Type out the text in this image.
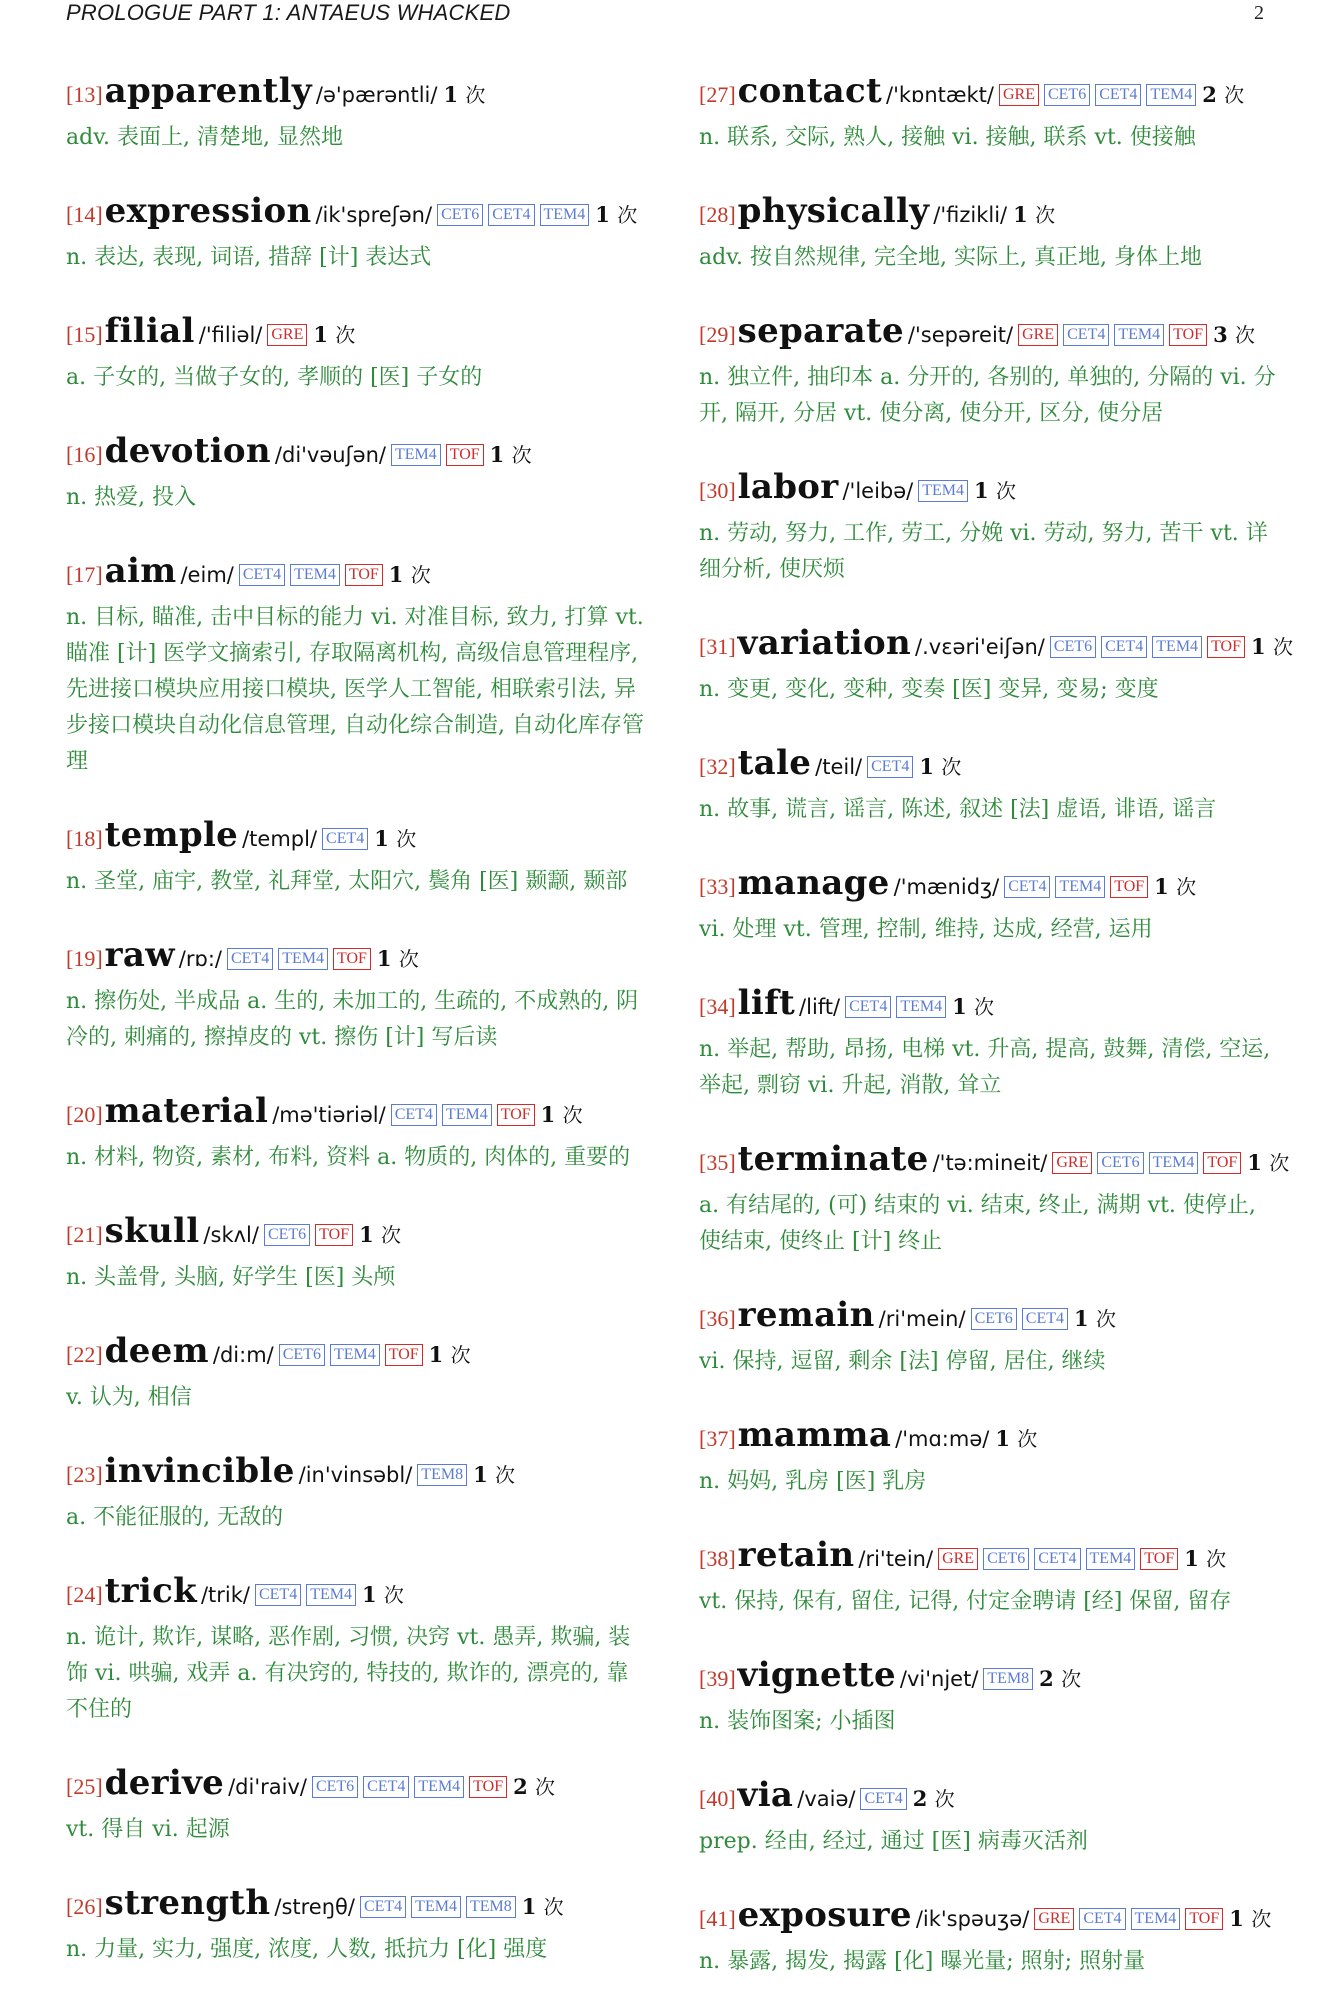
PROLOGUE PART 1: ANTAEUS WHACKED	2
[13]apparently /ə'pærəntli/ 1 次
adv. 表面上, 清楚地, 显然地
[14]expression /ik'spreʃən/ CET6 CET4 TEM4 1 次
n. 表达, 表现, 词语, 措辞 [计] 表达式
[15]filial /'filiəl/ GRE 1 次
a. 子女的, 当做子女的, 孝顺的 [医] 子女的
[16]devotion /di'vəuʃən/ TEM4 TOF 1 次
n. 热爱, 投入
[17]aim /eim/ CET4 TEM4 TOF 1 次
n. 目标, 瞄准, 击中目标的能力 vi. 对准目标, 致力, 打算 vt. 瞄准 [计] 医学文摘索引, 存取隔离机构, 高级信息管理程序, 先进接口模块应用接口模块, 医学人工智能, 相联索引法, 异步接口模块自动化信息管理, 自动化综合制造, 自动化库存管理
[18]temple /templ/ CET4 1 次
n. 圣堂, 庙宇, 教堂, 礼拜堂, 太阳穴, 鬓角 [医] 颞颥, 颞部
[19]raw /rɒ:/ CET4 TEM4 TOF 1 次
n. 擦伤处, 半成品 a. 生的, 未加工的, 生疏的, 不成熟的, 阴冷的, 刺痛的, 擦掉皮的 vt. 擦伤 [计] 写后读
[20]material /mə'tiəriəl/ CET4 TEM4 TOF 1 次
n. 材料, 物资, 素材, 布料, 资料 a. 物质的, 肉体的, 重要的
[21]skull /skʌl/ CET6 TOF 1 次
n. 头盖骨, 头脑, 好学生 [医] 头颅
[22]deem /di:m/ CET6 TEM4 TOF 1 次
v. 认为, 相信
[23]invincible /in'vinsəbl/ TEM8 1 次
a. 不能征服的, 无敌的
[24]trick /trik/ CET4 TEM4 1 次
n. 诡计, 欺诈, 谋略, 恶作剧, 习惯, 决窍 vt. 愚弄, 欺骗, 装饰 vi. 哄骗, 戏弄 a. 有决窍的, 特技的, 欺诈的, 漂亮的, 靠不住的
[25]derive /di'raiv/ CET6 CET4 TEM4 TOF 2 次
vt. 得自 vi. 起源
[26]strength /streŋθ/ CET4 TEM4 TEM8 1 次
n. 力量, 实力, 强度, 浓度, 人数, 抵抗力 [化] 强度
[27]contact /'kɒntækt/ GRE CET6 CET4 TEM4 2 次
n. 联系, 交际, 熟人, 接触 vi. 接触, 联系 vt. 使接触
[28]physically /'fizikli/ 1 次
adv. 按自然规律, 完全地, 实际上, 真正地, 身体上地
[29]separate /'sepəreit/ GRE CET4 TEM4 TOF 3 次
n. 独立件, 抽印本 a. 分开的, 各别的, 单独的, 分隔的 vi. 分开, 隔开, 分居 vt. 使分离, 使分开, 区分, 使分居
[30]labor /'leibə/ TEM4 1 次
n. 劳动, 努力, 工作, 劳工, 分娩 vi. 劳动, 努力, 苦干 vt. 详细分析, 使厌烦
[31]variation /.vɛəri'eiʃən/ CET6 CET4 TEM4 TOF 1 次
n. 变更, 变化, 变种, 变奏 [医] 变异, 变易; 变度
[32]tale /teil/ CET4 1 次
n. 故事, 谎言, 谣言, 陈述, 叙述 [法] 虚语, 诽语, 谣言
[33]manage /'mænidʒ/ CET4 TEM4 TOF 1 次
vi. 处理 vt. 管理, 控制, 维持, 达成, 经营, 运用
[34]lift /lift/ CET4 TEM4 1 次
n. 举起, 帮助, 昂扬, 电梯 vt. 升高, 提高, 鼓舞, 清偿, 空运, 举起, 剽窃 vi. 升起, 消散, 耸立
[35]terminate /'tə:mineit/ GRE CET6 TEM4 TOF 1 次
a. 有结尾的, (可) 结束的 vi. 结束, 终止, 满期 vt. 使停止, 使结束, 使终止 [计] 终止
[36]remain /ri'mein/ CET6 CET4 1 次
vi. 保持, 逗留, 剩余 [法] 停留, 居住, 继续
[37]mamma /'mɑ:mə/ 1 次
n. 妈妈, 乳房 [医] 乳房
[38]retain /ri'tein/ GRE CET6 CET4 TEM4 TOF 1 次
vt. 保持, 保有, 留住, 记得, 付定金聘请 [经] 保留, 留存
[39]vignette /vi'njet/ TEM8 2 次
n. 装饰图案; 小插图
[40]via /vaiə/ CET4 2 次
prep. 经由, 经过, 通过 [医] 病毒灭活剂
[41]exposure /ik'spəuʒə/ GRE CET4 TEM4 TOF 1 次
n. 暴露, 揭发, 揭露 [化] 曝光量; 照射; 照射量
